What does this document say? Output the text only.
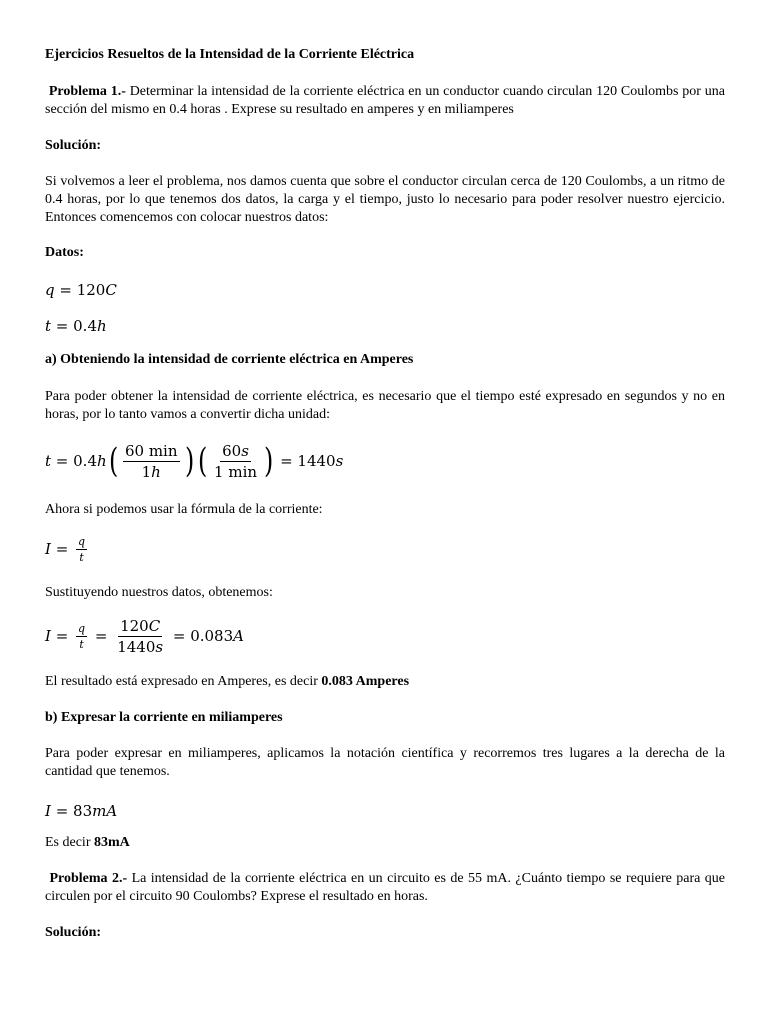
Ejercicios Resueltos de la Intensidad de la Corriente Eléctrica

Problema 1.- Determinar la intensidad de la corriente eléctrica en un conductor cuando circulan 120 Coulombs por una sección del mismo en 0.4 horas . Exprese su resultado en amperes y en miliamperes

Solución:

Si volvemos a leer el problema, nos damos cuenta que sobre el conductor circulan cerca de 120 Coulombs, a un ritmo de 0.4 horas, por lo que tenemos dos datos, la carga y el tiempo, justo lo necesario para poder resolver nuestro ejercicio. Entonces comencemos con colocar nuestros datos:

Datos:

q = 120 C
t = 0.4 h

a) Obteniendo la intensidad de corriente eléctrica en Amperes

Para poder obtener la intensidad de corriente eléctrica, es necesario que el tiempo esté expresado en segundos y no en horas, por lo tanto vamos a convertir dicha unidad:

t = 0.4 h ( $\frac{60 \min}{1h}$ ) ( $\frac{60s}{1 \min}$ ) = 1440 s

Ahora si podemos usar la fórmula de la corriente:

$I = \frac{q}{t}$

Sustituyendo nuestros datos, obtenemos:

$I = \frac{q}{t} = \frac{120C}{1440s} = 0.083$ A

El resultado está expresado en Amperes, es decir 0.083 Amperes

b) Expresar la corriente en miliamperes

Para poder expresar en miliamperes, aplicamos la notación científica y recorremos tres lugares a la derecha de la cantidad que tenemos.

I = 83 mA

Es decir 83mA

Problema 2.- La intensidad de la corriente eléctrica en un circuito es de 55 mA. ¿Cuánto tiempo se requiere para que circulen por el circuito 90 Coulombs? Exprese el resultado en horas.

Solución:
